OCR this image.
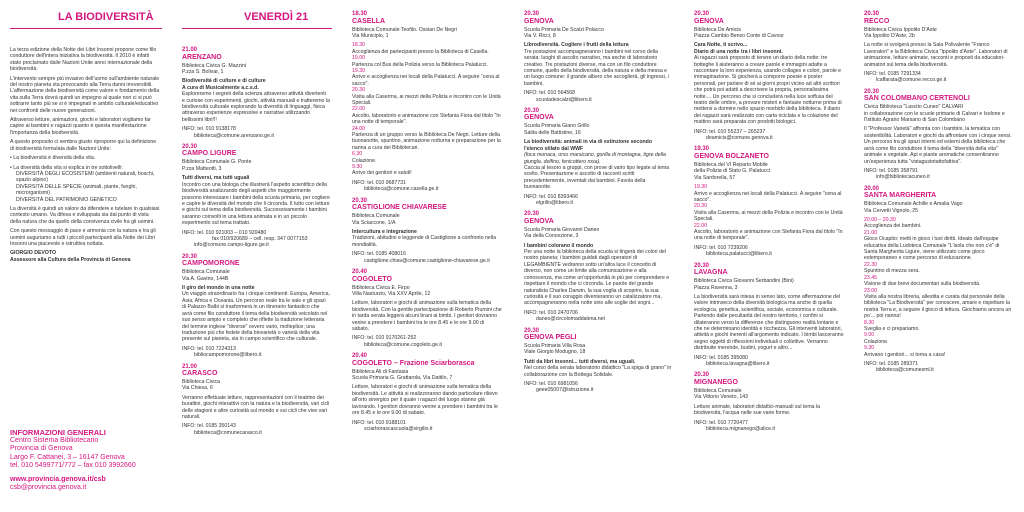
LA BIODIVERSITÀ

La terza edizione della Notte dei Libri Insonni propone come filo conduttore dell'intera iniziativa la biodiversità. Il 2010 è infatti stato proclamato dalle Nazioni Unite anno internazionale della biodiversità.

L'intervento sempre più invasivo dell'uomo sull'ambiente naturale del nostro pianeta sta provocando alla Terra danni irreversibili. L'affermazione della biodiversità come valore e fondamento della vita sulla Terra dovrà quindi un impegno al quale non ci si può sottrarre tanto più se si è impegnati in ambito culturale/educativo nei confronti delle nuove generazioni.

Attraverso letture, animazioni, giochi e laboratori vogliamo far capire ai bambini e ragazzi quanto è questa manifestazione l'importanza della biodiversità.

A questo proposito ci sembra giusto riproporre qui la definizione di biodiversità formulata dalle Nazioni Unite:

• La biodiversità è diversità della vita.

• La diversità della vita si esplica in tre sottolivelli:

DIVERSITÀ DEGLI ECOSISTEMI (ambienti naturali, boschi, spazio alpino)

DIVERSITÀ DELLE SPECIE (animali, piante, funghi, microrganismi)

DIVERSITÀ DEL PATRIMONIO GENETICO

La diversità è quindi un valore da difendere e tutelare in qualsiasi contesto umano. Va difesa e sviluppata sia dal punto di vista della natura che da quello della convivenza civile fra gli uomini.

Con questo messaggio di pace e armonia con la natura e tra gli uomini auguriamo a tutti i piccoli partecipanti alla Notte dei Libri Insonni una piacevole e istruttiva nottata.

GIORGIO DEVOTO

Assessore alla Cultura della Provincia di Genova

INFORMAZIONI GENERALI
Centro Sistema Bibliotecario
Provincia di Genova
Largo F. Cattanei, 3 – 16147 Genova
tel. 010 5499771/772 – fax 010 3992660
www.provincia.genova.it/csb
csb@provincia.genova.it
VENERDÌ 21
21.00
ARENZANO

Biblioteca Civica G. Mazzini

P.zza S. Bolivar, 1

Biodiversità di culture e di culture

A cura di Musicalmente a.c.s.d.

Esploreremo i segreti della scienza attraverso attività divertenti e curiose con esperimenti, giochi, attività manuali e tratteremo la biodiversità culturale esplorando la diversità di linguaggi, fisica attraverso esperienze espressive e narrative utilizzando bellissimi libri!!!

INFO: tel. 010 9138178

biblioteca@comune.arenzano.ge.it

20.30
CAMPO LIGURE

Biblioteca Comunale G. Ponte

P.zza Matteotti, 3

Tutti diversi, ma tutti uguali

Incontro con una biologa che illustrerà l'aspetto scientifico della biodiversità analizzando degli aspetti che maggiormente possono interessare i bambini della scuola primaria, per cogliere e capire le diversità del mondo che li circonda. Il tutto con letture e giochi sul tema della biodiversità. Successivamente i bambini saranno coinvolti in una lettura animata e in un piccolo esperimento sul tema trattato.

INFO: tel. 010 921003 – 010 920480

fax 010/920689 – cell. resp. 347 0077153

info@comune.campo-ligure.ge.it

20.30
CAMPOMORONE

Biblioteca Comunale

Via A. Gavino, 144B

Il giro del mondo in una notte

Un viaggio straordinario fra i cinque continenti: Europa, America, Asia, Africa e Oceania. Un percorso reale tra le sale e gli spazi di Palazzo Balbi si trasformerà in un itinerario fantastico che avrà come filo conduttore il tema della biodiversità veicolato nel suo senso ampio e completo che riflette la tradizione letteraria del termine inglese "diverse" ovvero vario, molteplice; una traduzione più che fedele della biovarietà o varietà della vita presente sul pianeta, sia in campo scientifico che culturale.

INFO: tel. 010 7224313

bibliocampomorone@libero.it

21.00
CARASCO

Biblioteca Civica

Via Chiesa, 6

Verranno effettuate letture, rappresentazioni con il teatrino dei burattini, giochi interattivi con la natura e la biodiversità, vari cicli delle stagioni e altre curiosità sul mondo e sui cicli che vive vari naturali.

INFO: tel. 0185 350143

biblioteca@comunecarasco.it

18.30
CASELLA

Biblioteca Comunale Teofilo. Ossian De Negri

Via Municipio, 1

18.30

Accoglienza dei partecipanti presso la Biblioteca di Casella.

19.00

Partenza col Bus della Polizia verso la Biblioteca Palatucci.

19.30

Arrivo e accoglienza nei locali della Palatucci. A seguire "cena al sacco".

20.30

Visita alla Caserma, ai mezzi della Polizia e incontro con le Unità Speciali.

22.00

Ascolto, laboratorio e animazione con Stefania Fiora dal titolo "In una notte di temporale".

24.00

Partenza di un gruppo verso la Biblioteca De Negri. Letture della buonanotte, spuntino, animazione notturna e preparazione per la nanna a cura dei Bibliotecari.

6.30

Colazione.

9.30

Arrivo dei genitori e saluti!

INFO: tel. 010 9687731

biblioteca@comune.casella.ge.it

20.30
CASTIGLIONE CHIAVARESE

Biblioteca Comunale

Via Sciaccone, 1/A

Intercultura e integrazione

Tradizioni, abitudini e leggende di Castiglione a confronto nella mondialità.

INFO: tel. 0185 408016

castiglione.chiav@comune.castiglione-chiavarese.ge.it

20.40
COGOLETO

Biblioteca Civica E. Firpo

Villa Nasturzio, Via XXV Aprile, 12

Letture, laboratori e giochi di animazione sulla tematica della biodiversità. Con la gentile partecipazione di Roberto Piumini che in tarda serata leggerà alcuni brani ai bimbi. I genitori dovranno venire a prendere i bambini tra le ore 8.45 e le ore 9.00 di sabato.

INFO: tel. 010 9170261-252

biblioteca@comune.cogoleto.ge.it

20.40
COGOLETO – Frazione Sciarborasca

Biblioteca Ali di Fantasia

Scuola Primaria G. Grattarola, Via Dattilo, 7

Letture, laboratori e giochi di animazione sulla tematica della biodiversità. Le attività si realizzeranno dando particolare rilievo all'orto sinergico per il quale i ragazzi del luogo stanno già lavorando. I genitori dovranno venire a prendere i bambini tra le ore 8.45 e le ore 9.00 di sabato.

INFO: tel. 010 9188101

sciarborascascuola@virgilio.it

20.30
GENOVA

Scuola Primaria De Scalzi Polacco

Via V. Ricci, 8

Librodiversità. Cogliere i frutti della lettura

Tre postazioni accompagneranno i bambini nel corso della serata: luoghi di ascolto narrativo, ma anche di laboratorio creativo. Tre postazioni diverse, ma con un filo conduttore comune, quello della biodiversità, della natura e della messa e un luogo comune: il grande albero che accoglierà, gli ingressi, i bambini.

INFO: tel. 010 564568

scuoladescalzi@libero.it

20.30
GENOVA

Scuola Primaria Giano Grillo

Salita delle Battistine, 16

La biodiversità: animali in via di estinzione secondo l'elenco stilato dal WWF

(foca monaca, orso marsicano, gorilla di montagna, tigre della giungla, delfino, fenicottero rosa).

Caccia al tesoro a gruppi, con prove di vario tipo legate al tema scelto. Presentazione e ascolto di racconti scritti precedentemente, inventati dai bambini. Favola della buonanotte.

INFO: tel. 010 8393466

elgrillo@libero.it

20.30
GENOVA

Scuola Primaria Giovanni Daneo

Via della Concezione, 3

I bambini colorano il mondo

Per una notte la biblioteca della scuola si tingerà dei colori del nostro pianeta; i bambini guidati dagli operatori di LEGAMBIENTE vedranno sotto un'altra luce il concetto di diverso, non come un limite alla comunicazione e alla conoscenza, ma come un'opportunità in più per comprendere e rispettare il mondo che ci circonda. Le parole del grande naturalista Charles Darwin, la sua voglia di scoprire, la sua curiosità e il suo coraggio diventeranno un catalizzatore ma, accompagneranno nella notte sino alle soglie dei sogni...

INFO: tel. 010 2470706

daneo@circolomaddalena.net

20.30
GENOVA PEGLI

Scuola Primaria Villa Rosa

Viale Giorgio Modugno, 18

Tutti da libri insonni... tutti diversi, ma uguali.

Nel corso della serata laboratorio didattico "La spiga di grano" in collaborazione con la Bottega Solidale.

INFO: tel. 010 6981056

geee05007@istruzione.it

20.30
GENOVA

Biblioteca De Amicis

Piazza Cambio Benso Conte di Cavour

Cara Notte, ti scrivo...

Diario di una notte tra i libri insonni.

Ai ragazzi sarà proposto di tenere un diario della notte: tre botteghe li aiuteranno a creare parole e immagini adatte a raccontare la loro esperienza, usando collages e colori, parole e immaginazione. Si giocherà a comporre poesie e poster personali, per parlare di sé ai giorni propri vicino ad altri scrittori che potrà poi adatti a descrivere la propria, personalissima notte.... Un percorso che si concluderà nella luce soffusa del teatro delle ombre, a provare misteri e fantasie notturne prima di mettersi a dormire nello spazio morbido della biblioteca. Il diario dei ragazzi sarà realizzato con carta riciclata e la colazione del mattino sarà preparata con prodotti biologici.

INFO: tel. 010 55237 – 265237

deamicis@comune.genova.it

19.30
GENOVA BOLZANETO

Biblioteca del VI Reparto Mobile

della Polizia di Stato G. Palatucci

Via Sardorella, 57

19.30

Arrivo e accoglienza nei locali della Palatucci. A seguire "cena al sacco".

20.30

Visita alla Caserma, ai mezzi della Polizia e incontro con le Unità Speciali.

22.00

Ascolto, laboratorio e animazione con Stefania Fiora dal titolo "In una notte di temporale".

INFO: tel. 010 7239206

biblioteca.palatucci@libero.it

20.30
LAVAGNA

Biblioteca Civica Giovanni Serbandini (Bini)

Piazza Ravenna, 3

La biodiversità sarà intesa in senso lato, come affermazione del valore intrinseco della diversità biologica ma anche di quella ecologica, genetica, scientifica, sociale, economica e culturale. Partendo dalle peculiarità del nostro territorio, i confini si dilateranno verso la differenze che distinguono realtà lontane e che ne determinano identità e ricchezza. Gli interventi laboratori, attività e giochi inerenti all'argomento indicato. I bimbi lasceranno segno oggetti di riflessioni individuali o collettive. Verranno distribuite merende, budini, yogurt e altro...

INFO: tel. 0185 395080

biblioteca.lavagna@libero.it

20.30
MIGNANEGO

Biblioteca Comunale

Via Vittorio Veneto, 143

Letture animate, laboratori didattici-manuali sul tema la biodiversità, l'acqua nelle sue varie forme.

INFO: tel. 010 7720477

biblioteca.mignanego@alice.it

20.30
RECCO

Biblioteca Civica Ippolito D'Aste

Via Ippolito D'Aste, 2b

La notte si svolgerà presso la Sala Polivalente "Franco Lavoratori" e la Biblioteca Civica "Ippolito d'Aste". Laboratori di animazione, letture animate, racconti e proposti da educatori-animatori sul tema della biodiversità.

INFO: tel. 0185 7291334

lcaffarata@comune.recco.ge.it

20.30
SAN COLOMBANO CERTENOLI

Civica Biblioteca "Lascito Cuneo" CALVARI

in collaborazione con le scuole primarie di Calvari e Isolone e l'Istituto Agrario Marsano di San Colombano

Il "Professor Varietà" affronta con i bambini, la tematica con sostenibilità. Laboratori e giochi da affrontare con i cinque sensi. Un percorso tra gli spazi interni ed esterni della biblioteca che avrà come filo conduttore il tema della "diversità della vita" animale e vegetale. Api e piante aromatiche consentiranno un'esperienza tutta "vistagustotattofattiva".

INFO: tel. 0185 358791

info@bibliotecacuneo.it

20.00
SANTA MARGHERITA

Biblioteca Comunale Achille e Amalia Vago

Via Cervetti Vignolo, 25

20.00 – 20.30

Accoglienza dei bambini.

21.00

Gioco Ocapito: metti in gioco i tuoi diritti. Ideato dall'equipe educativa della Ludoteca Comunale "L'isola che non c'è" di Santa Margherita Ligure, viene utilizzato come gioco estemporaneo e come percorso di educazione.

22.30

Spuntino di mezza sera.

23.45

Visione di due brevi documentari sulla biodiversità.

23.00

Visita alla nostra libreria, allestita e curata dal personale della biblioteca "La Biodiversità" per conoscere, amare e rispettare la nostra Terra e, a seguire il gioco di lettura. Giochiamo ancora un po'... poi nanna!

8.30

Sveglia e ci prepariamo.

9.00

Colazione.

9.30

Arrivano i genitori... si torna a casa!

INFO: tel. 0185 289371

biblioteca@comunesml.it
